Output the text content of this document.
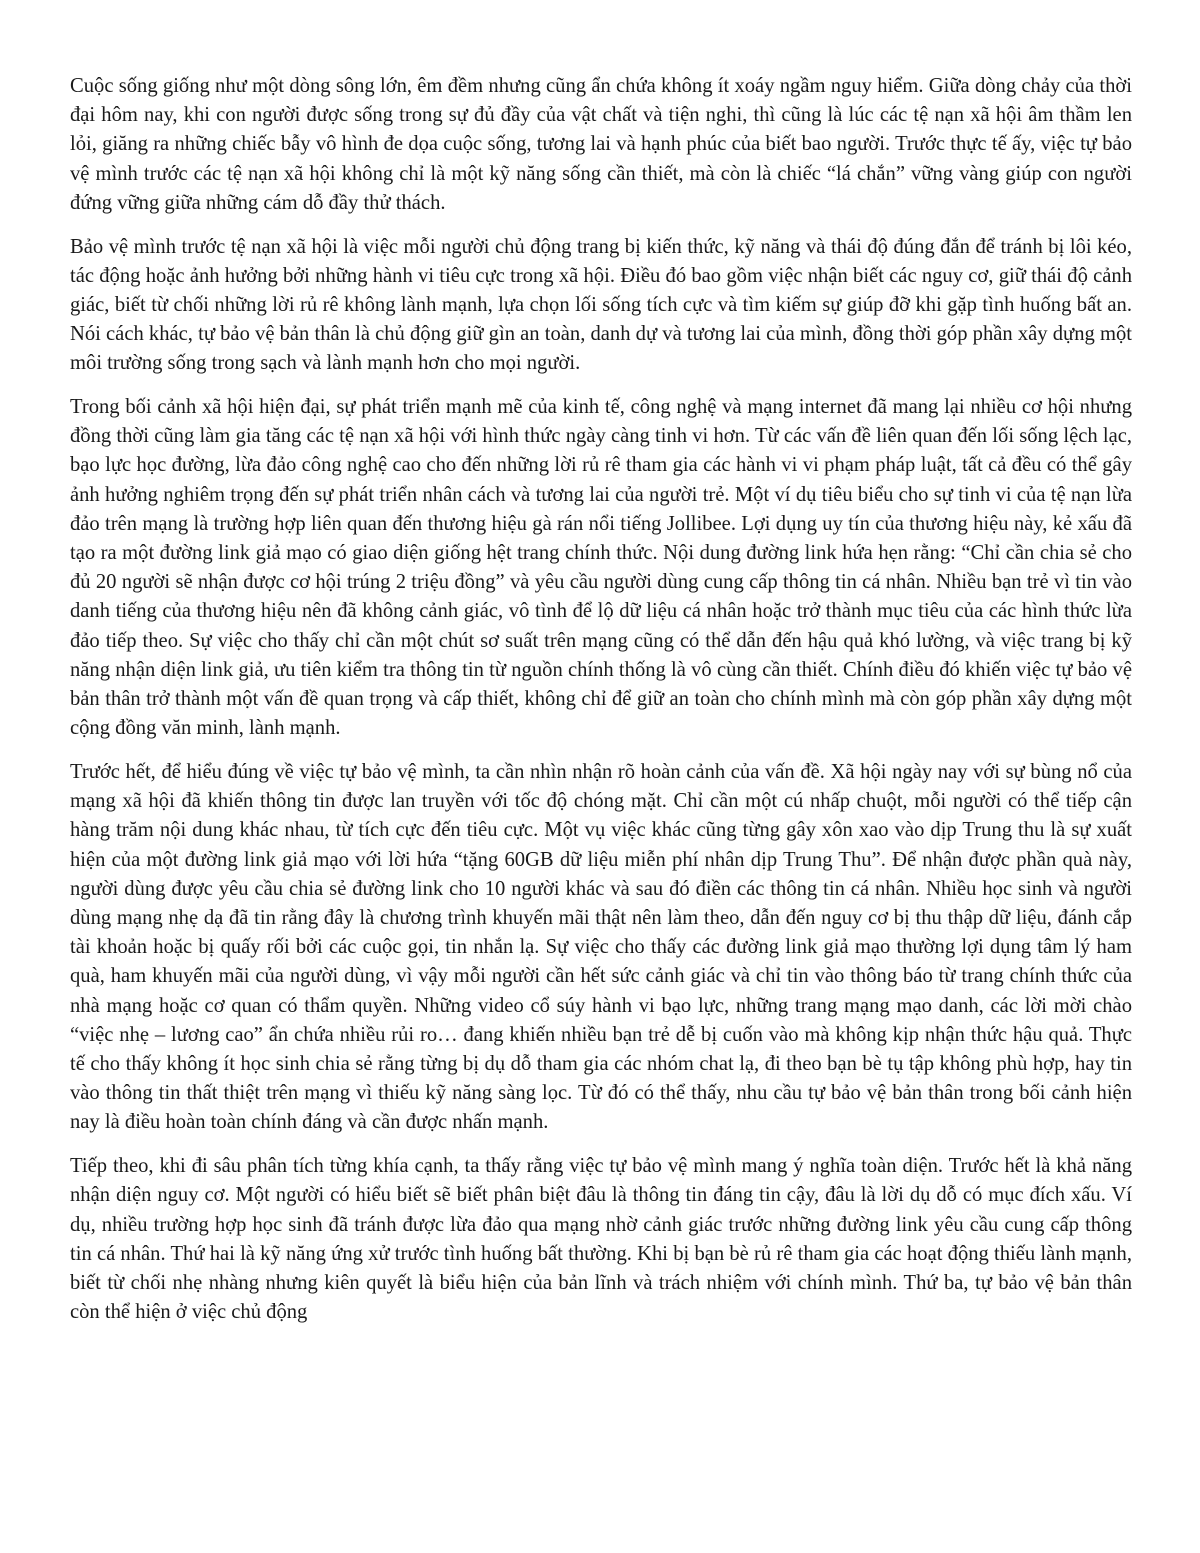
Cuộc sống giống như một dòng sông lớn, êm đềm nhưng cũng ẩn chứa không ít xoáy ngầm nguy hiểm. Giữa dòng chảy của thời đại hôm nay, khi con người được sống trong sự đủ đầy của vật chất và tiện nghi, thì cũng là lúc các tệ nạn xã hội âm thầm len lỏi, giăng ra những chiếc bẫy vô hình đe dọa cuộc sống, tương lai và hạnh phúc của biết bao người. Trước thực tế ấy, việc tự bảo vệ mình trước các tệ nạn xã hội không chỉ là một kỹ năng sống cần thiết, mà còn là chiếc “lá chắn” vững vàng giúp con người đứng vững giữa những cám dỗ đầy thử thách.

Bảo vệ mình trước tệ nạn xã hội là việc mỗi người chủ động trang bị kiến thức, kỹ năng và thái độ đúng đắn để tránh bị lôi kéo, tác động hoặc ảnh hưởng bởi những hành vi tiêu cực trong xã hội. Điều đó bao gồm việc nhận biết các nguy cơ, giữ thái độ cảnh giác, biết từ chối những lời rủ rê không lành mạnh, lựa chọn lối sống tích cực và tìm kiếm sự giúp đỡ khi gặp tình huống bất an. Nói cách khác, tự bảo vệ bản thân là chủ động giữ gìn an toàn, danh dự và tương lai của mình, đồng thời góp phần xây dựng một môi trường sống trong sạch và lành mạnh hơn cho mọi người.

Trong bối cảnh xã hội hiện đại, sự phát triển mạnh mẽ của kinh tế, công nghệ và mạng internet đã mang lại nhiều cơ hội nhưng đồng thời cũng làm gia tăng các tệ nạn xã hội với hình thức ngày càng tinh vi hơn. Từ các vấn đề liên quan đến lối sống lệch lạc, bạo lực học đường, lừa đảo công nghệ cao cho đến những lời rủ rê tham gia các hành vi vi phạm pháp luật, tất cả đều có thể gây ảnh hưởng nghiêm trọng đến sự phát triển nhân cách và tương lai của người trẻ. Một ví dụ tiêu biểu cho sự tinh vi của tệ nạn lừa đảo trên mạng là trường hợp liên quan đến thương hiệu gà rán nổi tiếng Jollibee. Lợi dụng uy tín của thương hiệu này, kẻ xấu đã tạo ra một đường link giả mạo có giao diện giống hệt trang chính thức. Nội dung đường link hứa hẹn rằng: “Chỉ cần chia sẻ cho đủ 20 người sẽ nhận được cơ hội trúng 2 triệu đồng” và yêu cầu người dùng cung cấp thông tin cá nhân. Nhiều bạn trẻ vì tin vào danh tiếng của thương hiệu nên đã không cảnh giác, vô tình để lộ dữ liệu cá nhân hoặc trở thành mục tiêu của các hình thức lừa đảo tiếp theo. Sự việc cho thấy chỉ cần một chút sơ suất trên mạng cũng có thể dẫn đến hậu quả khó lường, và việc trang bị kỹ năng nhận diện link giả, ưu tiên kiểm tra thông tin từ nguồn chính thống là vô cùng cần thiết. Chính điều đó khiến việc tự bảo vệ bản thân trở thành một vấn đề quan trọng và cấp thiết, không chỉ để giữ an toàn cho chính mình mà còn góp phần xây dựng một cộng đồng văn minh, lành mạnh.

Trước hết, để hiểu đúng về việc tự bảo vệ mình, ta cần nhìn nhận rõ hoàn cảnh của vấn đề. Xã hội ngày nay với sự bùng nổ của mạng xã hội đã khiến thông tin được lan truyền với tốc độ chóng mặt. Chỉ cần một cú nhấp chuột, mỗi người có thể tiếp cận hàng trăm nội dung khác nhau, từ tích cực đến tiêu cực. Một vụ việc khác cũng từng gây xôn xao vào dịp Trung thu là sự xuất hiện của một đường link giả mạo với lời hứa “tặng 60GB dữ liệu miễn phí nhân dịp Trung Thu”. Để nhận được phần quà này, người dùng được yêu cầu chia sẻ đường link cho 10 người khác và sau đó điền các thông tin cá nhân. Nhiều học sinh và người dùng mạng nhẹ dạ đã tin rằng đây là chương trình khuyến mãi thật nên làm theo, dẫn đến nguy cơ bị thu thập dữ liệu, đánh cắp tài khoản hoặc bị quấy rối bởi các cuộc gọi, tin nhắn lạ. Sự việc cho thấy các đường link giả mạo thường lợi dụng tâm lý ham quà, ham khuyến mãi của người dùng, vì vậy mỗi người cần hết sức cảnh giác và chỉ tin vào thông báo từ trang chính thức của nhà mạng hoặc cơ quan có thẩm quyền. Những video cổ súy hành vi bạo lực, những trang mạng mạo danh, các lời mời chào “việc nhẹ – lương cao” ẩn chứa nhiều rủi ro… đang khiến nhiều bạn trẻ dễ bị cuốn vào mà không kịp nhận thức hậu quả. Thực tế cho thấy không ít học sinh chia sẻ rằng từng bị dụ dỗ tham gia các nhóm chat lạ, đi theo bạn bè tụ tập không phù hợp, hay tin vào thông tin thất thiệt trên mạng vì thiếu kỹ năng sàng lọc. Từ đó có thể thấy, nhu cầu tự bảo vệ bản thân trong bối cảnh hiện nay là điều hoàn toàn chính đáng và cần được nhấn mạnh.

Tiếp theo, khi đi sâu phân tích từng khía cạnh, ta thấy rằng việc tự bảo vệ mình mang ý nghĩa toàn diện. Trước hết là khả năng nhận diện nguy cơ. Một người có hiểu biết sẽ biết phân biệt đâu là thông tin đáng tin cậy, đâu là lời dụ dỗ có mục đích xấu. Ví dụ, nhiều trường hợp học sinh đã tránh được lừa đảo qua mạng nhờ cảnh giác trước những đường link yêu cầu cung cấp thông tin cá nhân. Thứ hai là kỹ năng ứng xử trước tình huống bất thường. Khi bị bạn bè rủ rê tham gia các hoạt động thiếu lành mạnh, biết từ chối nhẹ nhàng nhưng kiên quyết là biểu hiện của bản lĩnh và trách nhiệm với chính mình. Thứ ba, tự bảo vệ bản thân còn thể hiện ở việc chủ động
